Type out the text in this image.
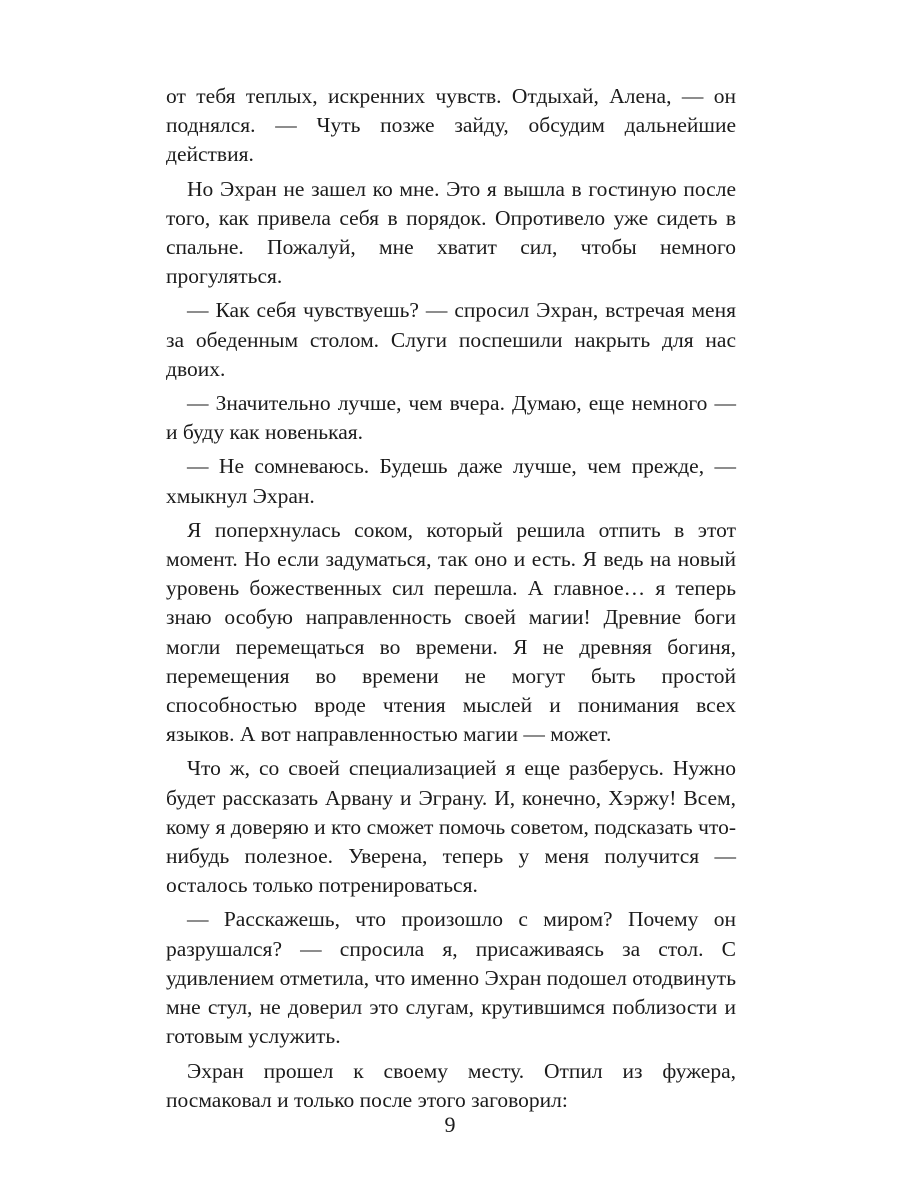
от тебя теплых, искренних чувств. Отдыхай, Алена, — он поднялся. — Чуть позже зайду, обсудим дальнейшие действия.

Но Эхран не зашел ко мне. Это я вышла в гостиную после того, как привела себя в порядок. Опротивело уже сидеть в спальне. Пожалуй, мне хватит сил, чтобы немного прогуляться.

— Как себя чувствуешь? — спросил Эхран, встречая меня за обеденным столом. Слуги поспешили накрыть для нас двоих.

— Значительно лучше, чем вчера. Думаю, еще немного — и буду как новенькая.

— Не сомневаюсь. Будешь даже лучше, чем прежде, — хмыкнул Эхран.

Я поперхнулась соком, который решила отпить в этот момент. Но если задуматься, так оно и есть. Я ведь на новый уровень божественных сил перешла. А главное… я теперь знаю особую направленность своей магии! Древние боги могли перемещаться во времени. Я не древняя богиня, перемещения во времени не могут быть простой способностью вроде чтения мыслей и понимания всех языков. А вот направленностью магии — может.

Что ж, со своей специализацией я еще разберусь. Нужно будет рассказать Арвану и Эграну. И, конечно, Хэржу! Всем, кому я доверяю и кто сможет помочь советом, подсказать что-нибудь полезное. Уверена, теперь у меня получится — осталось только потренироваться.

— Расскажешь, что произошло с миром? Почему он разрушался? — спросила я, присаживаясь за стол. С удивлением отметила, что именно Эхран подошел отодвинуть мне стул, не доверил это слугам, крутившимся поблизости и готовым услужить.

Эхран прошел к своему месту. Отпил из фужера, посмаковал и только после этого заговорил:

9
